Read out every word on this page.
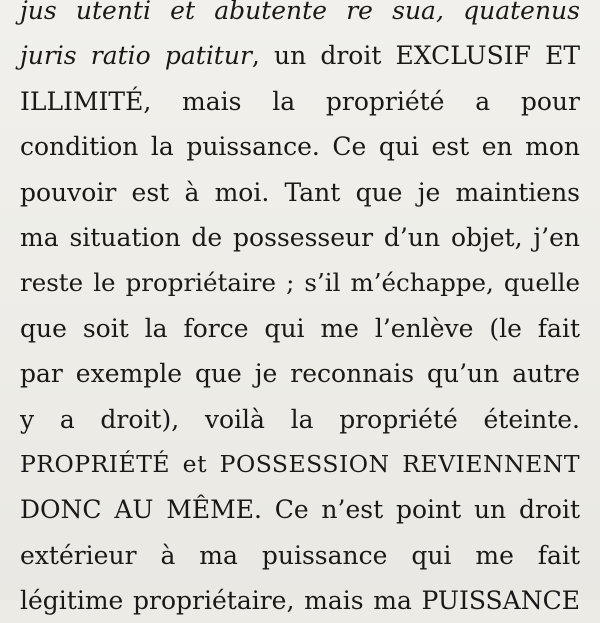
jus utenti et abutente re sua, quatenus
juris ratio patitur, un droit EXCLUSIF ET
ILLIMITÉ, mais la propriété a pour
condition la puissance. Ce qui est en mon
pouvoir est à moi. Tant que je maintiens
ma situation de possesseur d’un objet, j’en
reste le propriétaire ; s’il m’échappe, quelle
que soit la force qui me l’enlève (le fait
par exemple que je reconnais qu’un autre
y a droit), voilà la propriété éteinte.
PROPRIÉTÉ et POSSESSION REVIENNENT
DONC AU MÊME. Ce n’est point un droit
extérieur à ma puissance qui me fait
légitime propriétaire, mais ma PUISSANCE
